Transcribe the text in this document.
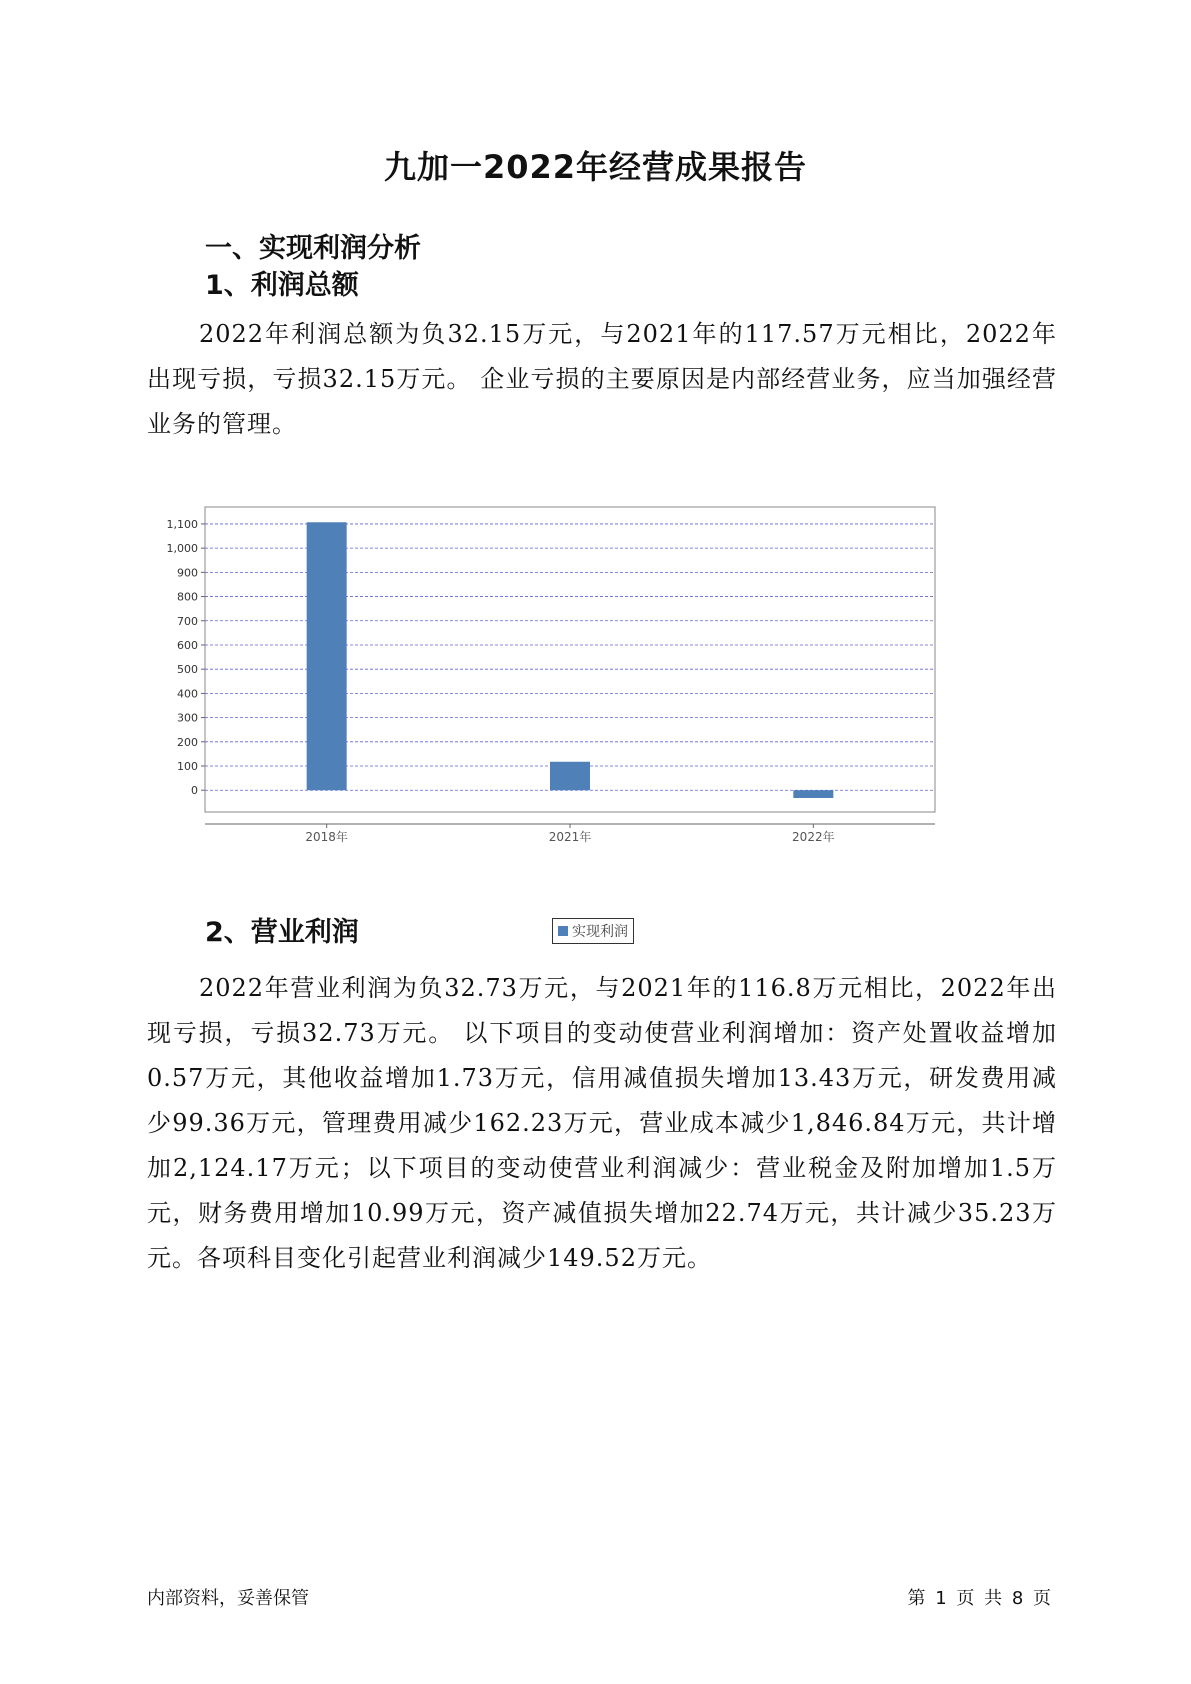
九加一2022年经营成果报告
一、实现利润分析
1、利润总额
2022年利润总额为负32.15万元，与2021年的117.57万元相比，2022年出现亏损，亏损32.15万元。 企业亏损的主要原因是内部经营业务，应当加强经营业务的管理。
0
100
200
300
400
500
600
700
800
900
1,000
1,100
2018年	2021年	2022年
实现利润
2、营业利润
2022年营业利润为负32.73万元，与2021年的116.8万元相比，2022年出现亏损，亏损32.73万元。 以下项目的变动使营业利润增加：资产处置收益增加0.57万元，其他收益增加1.73万元，信用减值损失增加13.43万元，研发费用减少99.36万元，管理费用减少162.23万元，营业成本减少1,846.84万元，共计增加2,124.17万元；以下项目的变动使营业利润减少：营业税金及附加增加1.5万元，财务费用增加10.99万元，资产减值损失增加22.74万元，共计减少35.23万元。各项科目变化引起营业利润减少149.52万元。
内部资料，妥善保管	第 1 页 共 8 页
